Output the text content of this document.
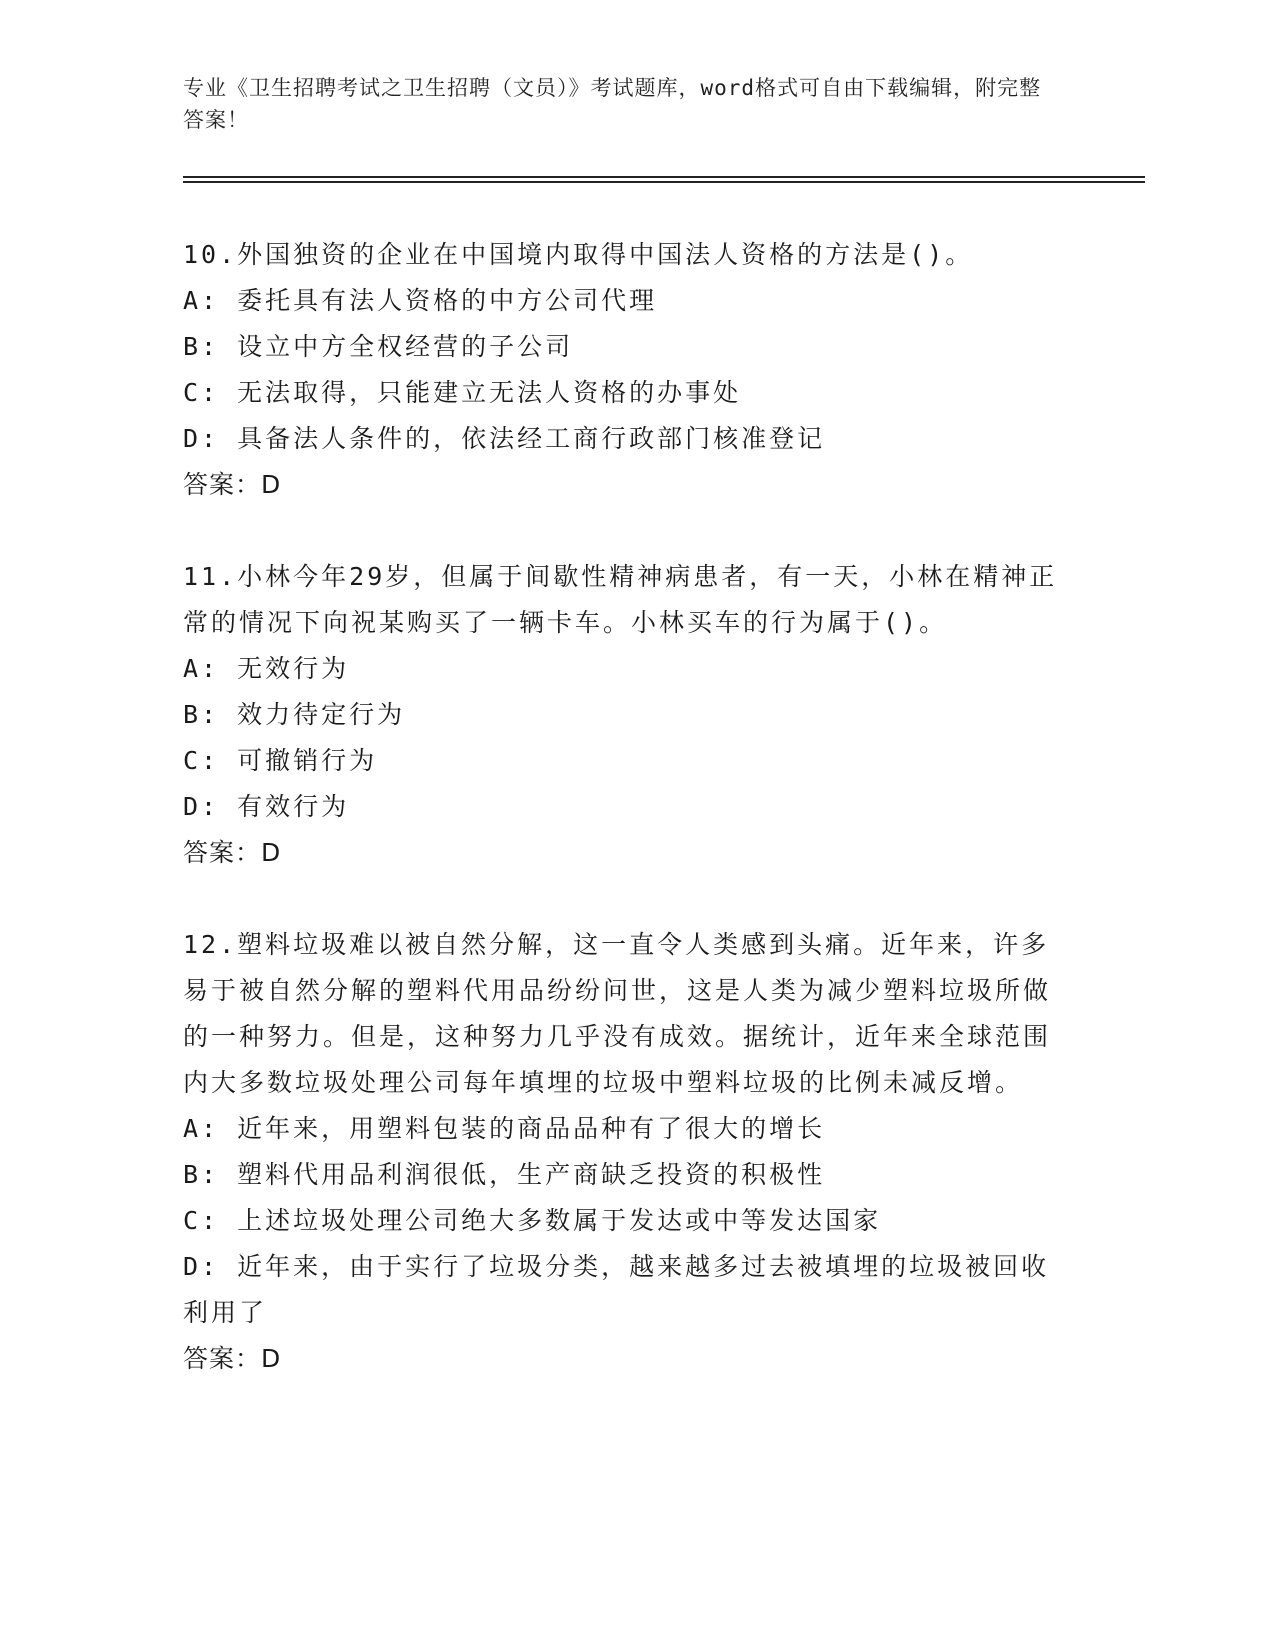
专业《卫生招聘考试之卫生招聘（文员）》考试题库，word格式可自由下载编辑，附完整答案！

10.外国独资的企业在中国境内取得中国法人资格的方法是()。

A: 委托具有法人资格的中方公司代理

B: 设立中方全权经营的子公司

C: 无法取得，只能建立无法人资格的办事处

D: 具备法人条件的，依法经工商行政部门核准登记

答案：D

11.小林今年29岁，但属于间歇性精神病患者，有一天，小林在精神正常的情况下向祝某购买了一辆卡车。小林买车的行为属于()。

A: 无效行为

B: 效力待定行为

C: 可撤销行为

D: 有效行为

答案：D

12.塑料垃圾难以被自然分解，这一直令人类感到头痛。近年来，许多易于被自然分解的塑料代用品纷纷问世，这是人类为减少塑料垃圾所做的一种努力。但是，这种努力几乎没有成效。据统计，近年来全球范围内大多数垃圾处理公司每年填埋的垃圾中塑料垃圾的比例未减反增。

A: 近年来，用塑料包装的商品品种有了很大的增长

B: 塑料代用品利润很低，生产商缺乏投资的积极性

C: 上述垃圾处理公司绝大多数属于发达或中等发达国家

D: 近年来，由于实行了垃圾分类，越来越多过去被填埋的垃圾被回收利用了

答案：D
